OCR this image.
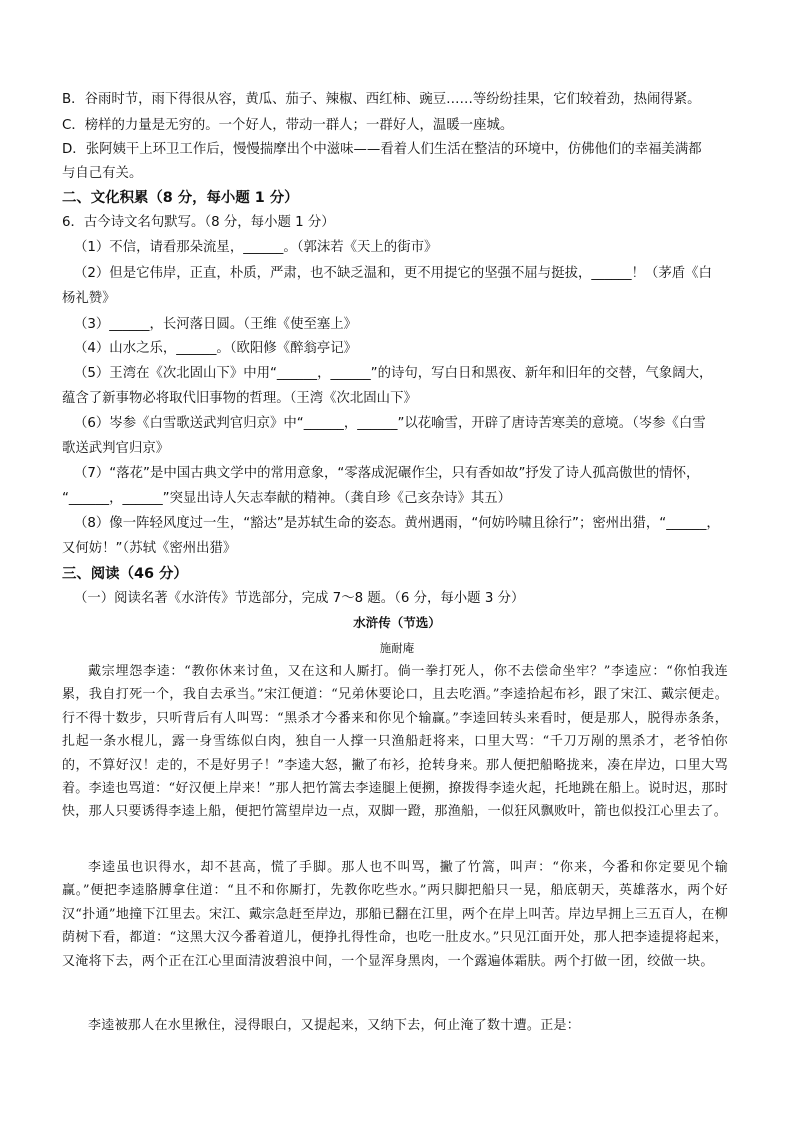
B．谷雨时节，雨下得很从容，黄瓜、茄子、辣椒、西红柿、豌豆……等纷纷挂果，它们较着劲，热闹得紧。
C．榜样的力量是无穷的。一个好人，带动一群人；一群好人，温暖一座城。
D．张阿姨干上环卫工作后，慢慢揣摩出个中滋味——看着人们生活在整洁的环境中，仿佛他们的幸福美满都
与自己有关。
二、文化积累（8 分，每小题 1 分）
6．古今诗文名句默写。（8 分，每小题 1 分）
（1）不信，请看那朵流星，______。（郭沫若《天上的街市》
（2）但是它伟岸，正直，朴质，严肃，也不缺乏温和，更不用提它的坚强不屈与挺拔，______！（茅盾《白
杨礼赞》
（3）______，长河落日圆。（王维《使至塞上》
（4）山水之乐，______。（欧阳修《醉翁亭记》
（5）王湾在《次北固山下》中用“______，______”的诗句，写白日和黑夜、新年和旧年的交替，气象阔大，
蕴含了新事物必将取代旧事物的哲理。（王湾《次北固山下》
（6）岑参《白雪歌送武判官归京》中“______，______”以花喻雪，开辟了唐诗苦寒美的意境。（岑参《白雪
歌送武判官归京》
（7）“落花”是中国古典文学中的常用意象，“零落成泥碾作尘，只有香如故”抒发了诗人孤高傲世的情怀，
“______，______”突显出诗人矢志奉献的精神。（龚自珍《己亥杂诗》其五）
（8）像一阵轻风度过一生，“豁达”是苏轼生命的姿态。黄州遇雨，“何妨吟啸且徐行”；密州出猎，“______，
又何妨！”（苏轼《密州出猎》
三、阅读（46 分）
（一）阅读名著《水浒传》节选部分，完成 7～8 题。（6 分，每小题 3 分）
水浒传（节选）
施耐庵
戴宗埋怨李逵：“教你休来讨鱼，又在这和人厮打。倘一拳打死人，你不去偿命坐牢？”李逵应：“你怕我连累，我自打死一个，我自去承当。”宋江便道：“兄弟休要论口，且去吃酒。”李逵拾起布衫，跟了宋江、戴宗便走。行不得十数步，只听背后有人叫骂：“黑杀才今番来和你见个输赢。”李逵回转头来看时，便是那人，脱得赤条条，扎起一条水棍儿，露一身雪练似白肉，独自一人撑一只渔船赶将来，口里大骂：“千刀万剐的黑杀才，老爷怕你的，不算好汉！走的，不是好男子！”李逵大怒，撇了布衫，抢转身来。那人便把船略拢来，凑在岸边，口里大骂着。李逵也骂道：“好汉便上岸来！”那人把竹篙去李逵腿上便搠，撩拨得李逵火起，托地跳在船上。说时迟，那时快，那人只要诱得李逵上船，便把竹篙望岸边一点，双脚一蹬，那渔船，一似狂风飘败叶，箭也似投江心里去了。
李逵虽也识得水，却不甚高，慌了手脚。那人也不叫骂，撇了竹篙，叫声：“你来，今番和你定要见个输赢。”便把李逵胳膊拿住道：“且不和你厮打，先教你吃些水。”两只脚把船只一晃，船底朝天，英雄落水，两个好汉“扑通”地撞下江里去。宋江、戴宗急赶至岸边，那船已翻在江里，两个在岸上叫苦。岸边早拥上三五百人，在柳荫树下看，都道：“这黑大汉今番着道儿，便挣扎得性命，也吃一肚皮水。”只见江面开处，那人把李逵提将起来，又淹将下去，两个正在江心里面清波碧浪中间，一个显浑身黑肉，一个露遍体霜肤。两个打做一团，绞做一块。
李逵被那人在水里揪住，浸得眼白，又提起来，又纳下去，何止淹了数十遭。正是：
